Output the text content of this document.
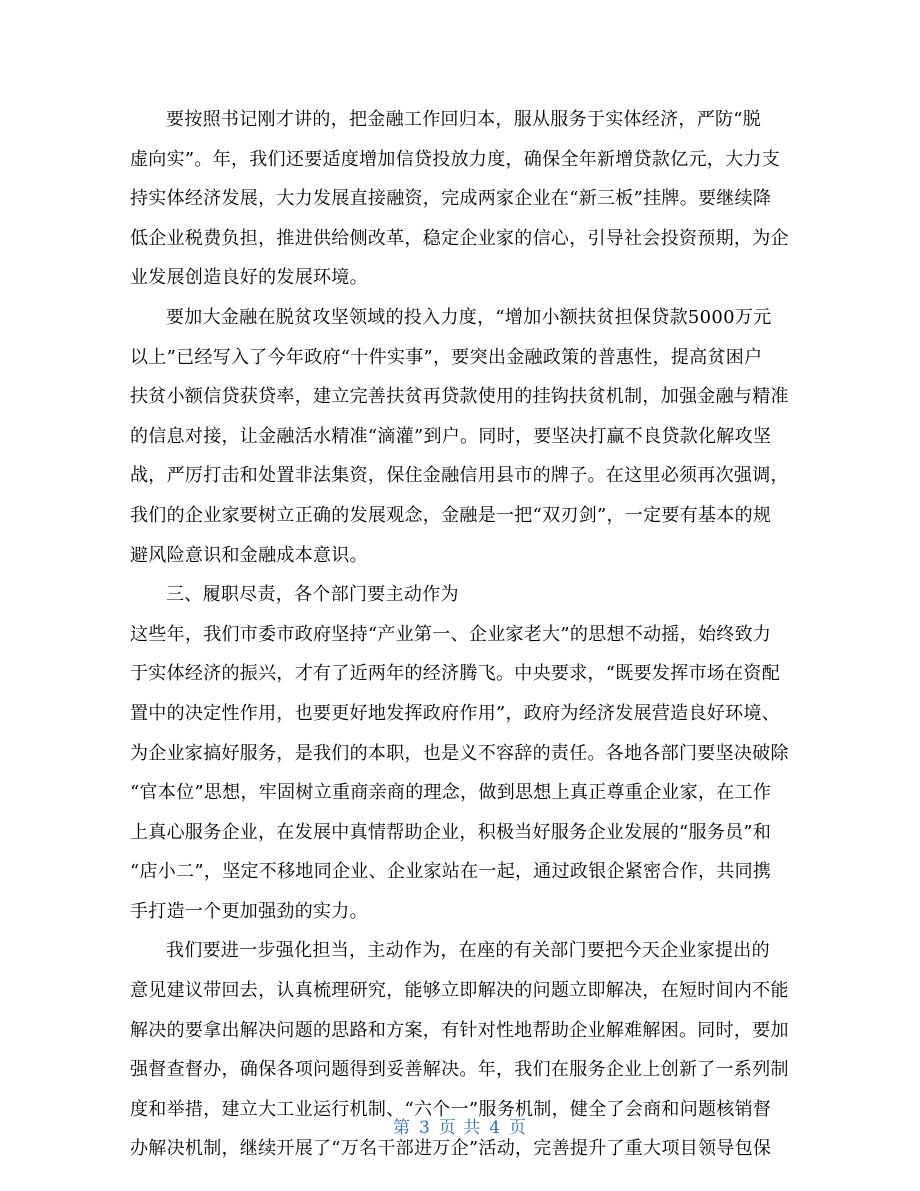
要按照书记刚才讲的，把金融工作回归本，服从服务于实体经济，严防“脱
虚向实”。年，我们还要适度增加信贷投放力度，确保全年新增贷款亿元，大力支
持实体经济发展，大力发展直接融资，完成两家企业在“新三板”挂牌。要继续降
低企业税费负担，推进供给侧改革，稳定企业家的信心，引导社会投资预期，为企
业发展创造良好的发展环境。
要加大金融在脱贫攻坚领域的投入力度，“增加小额扶贫担保贷款5000万元
以上”已经写入了今年政府“十件实事”，要突出金融政策的普惠性，提高贫困户
扶贫小额信贷获贷率，建立完善扶贫再贷款使用的挂钩扶贫机制，加强金融与精准
的信息对接，让金融活水精准“滴灌”到户。同时，要坚决打赢不良贷款化解攻坚
战，严厉打击和处置非法集资，保住金融信用县市的牌子。在这里必须再次强调，
我们的企业家要树立正确的发展观念，金融是一把“双刃剑”，一定要有基本的规
避风险意识和金融成本意识。
三、履职尽责，各个部门要主动作为
这些年，我们市委市政府坚持“产业第一、企业家老大”的思想不动摇，始终致力
于实体经济的振兴，才有了近两年的经济腾飞。中央要求，“既要发挥市场在资配
置中的决定性作用，也要更好地发挥政府作用”，政府为经济发展营造良好环境、
为企业家搞好服务，是我们的本职，也是义不容辞的责任。各地各部门要坚决破除
“官本位”思想，牢固树立重商亲商的理念，做到思想上真正尊重企业家，在工作
上真心服务企业，在发展中真情帮助企业，积极当好服务企业发展的“服务员”和
“店小二”，坚定不移地同企业、企业家站在一起，通过政银企紧密合作，共同携
手打造一个更加强劲的实力。
我们要进一步强化担当，主动作为，在座的有关部门要把今天企业家提出的
意见建议带回去，认真梳理研究，能够立即解决的问题立即解决，在短时间内不能
解决的要拿出解决问题的思路和方案，有针对性地帮助企业解难解困。同时，要加
强督查督办，确保各项问题得到妥善解决。年，我们在服务企业上创新了一系列制
度和举措，建立大工业运行机制、“六个一”服务机制，健全了会商和问题核销督
办解决机制，继续开展了“万名干部进万企”活动，完善提升了重大项目领导包保
第 3 页 共 4 页
